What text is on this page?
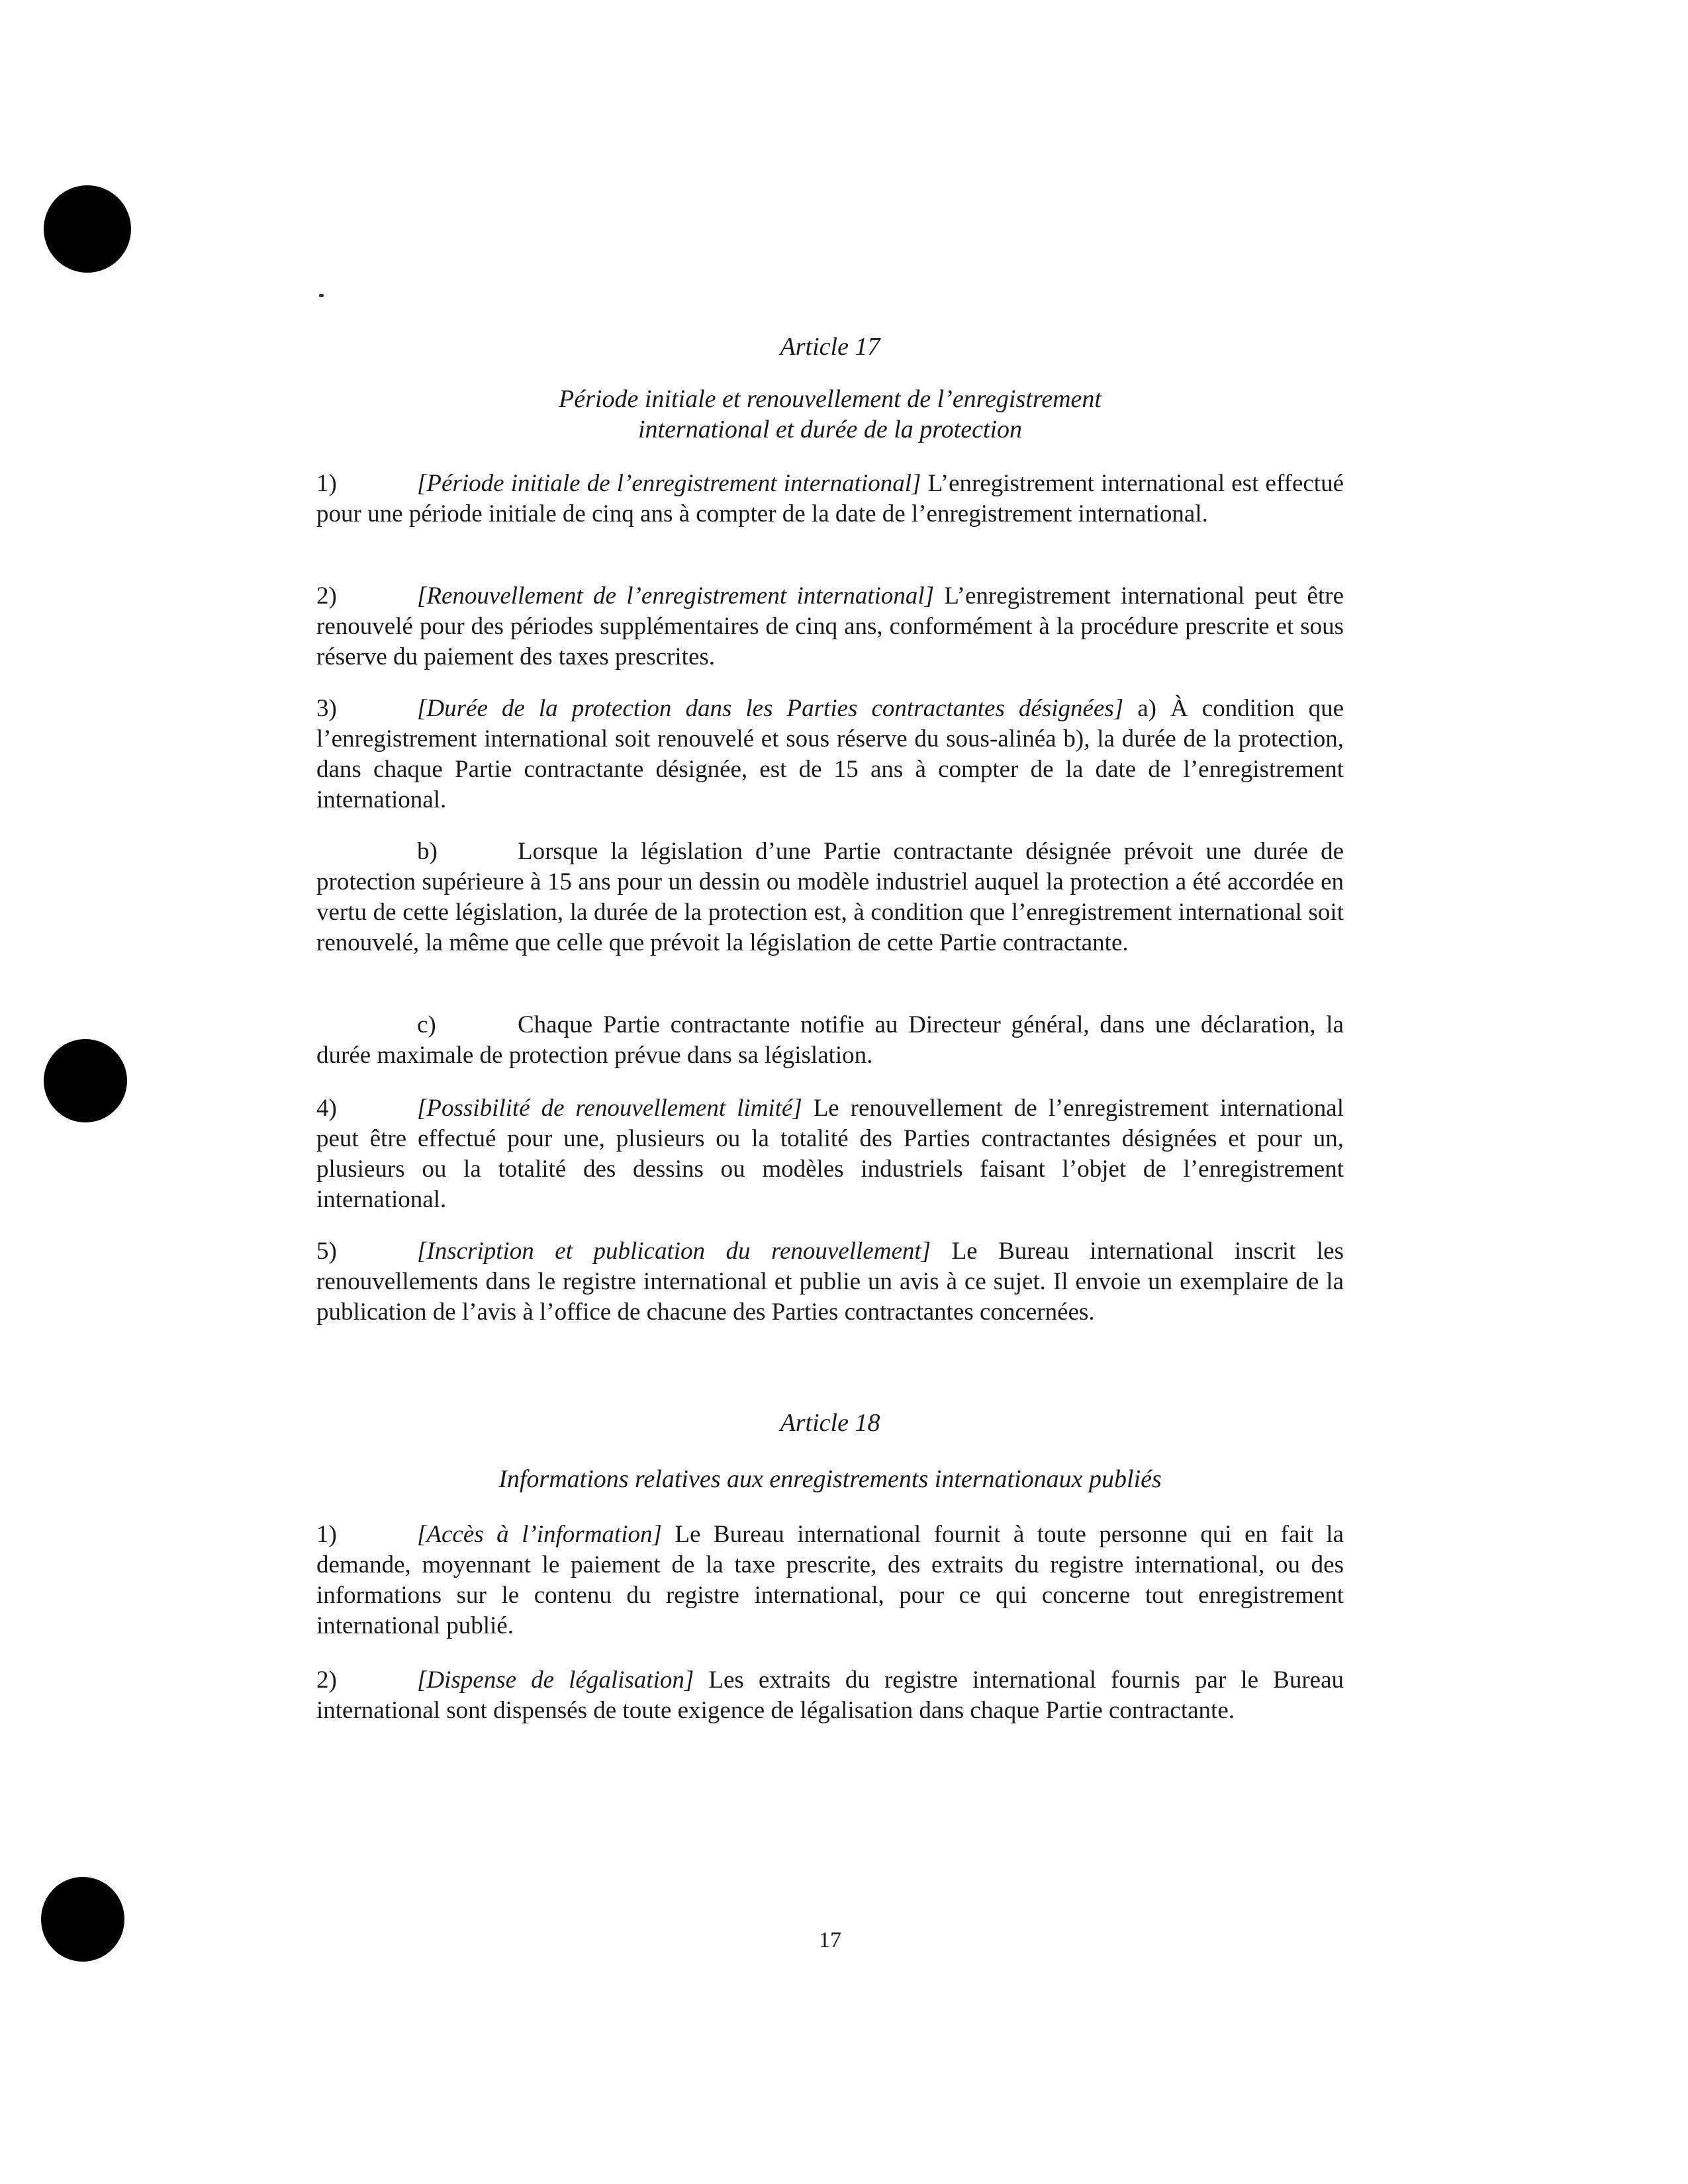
Article 17
Période initiale et renouvellement de l’enregistrement
international et durée de la protection
1)	[Période initiale de l’enregistrement international] L’enregistrement international est effectué pour une période initiale de cinq ans à compter de la date de l’enregistrement international.
2)	[Renouvellement de l’enregistrement international] L’enregistrement international peut être renouvelé pour des périodes supplémentaires de cinq ans, conformément à la procédure prescrite et sous réserve du paiement des taxes prescrites.
3)	[Durée de la protection dans les Parties contractantes désignées] a) À condition que l’enregistrement international soit renouvelé et sous réserve du sous-alinéa b), la durée de la protection, dans chaque Partie contractante désignée, est de 15 ans à compter de la date de l’enregistrement international.
b)	Lorsque la législation d’une Partie contractante désignée prévoit une durée de protection supérieure à 15 ans pour un dessin ou modèle industriel auquel la protection a été accordée en vertu de cette législation, la durée de la protection est, à condition que l’enregistrement international soit renouvelé, la même que celle que prévoit la législation de cette Partie contractante.
c)	Chaque Partie contractante notifie au Directeur général, dans une déclaration, la durée maximale de protection prévue dans sa législation.
4)	[Possibilité de renouvellement limité] Le renouvellement de l’enregistrement international peut être effectué pour une, plusieurs ou la totalité des Parties contractantes désignées et pour un, plusieurs ou la totalité des dessins ou modèles industriels faisant l’objet de l’enregistrement international.
5)	[Inscription et publication du renouvellement] Le Bureau international inscrit les renouvellements dans le registre international et publie un avis à ce sujet. Il envoie un exemplaire de la publication de l’avis à l’office de chacune des Parties contractantes concernées.
Article 18
Informations relatives aux enregistrements internationaux publiés
1)	[Accès à l’information] Le Bureau international fournit à toute personne qui en fait la demande, moyennant le paiement de la taxe prescrite, des extraits du registre international, ou des informations sur le contenu du registre international, pour ce qui concerne tout enregistrement international publié.
2)	[Dispense de légalisation] Les extraits du registre international fournis par le Bureau international sont dispensés de toute exigence de légalisation dans chaque Partie contractante.
17
